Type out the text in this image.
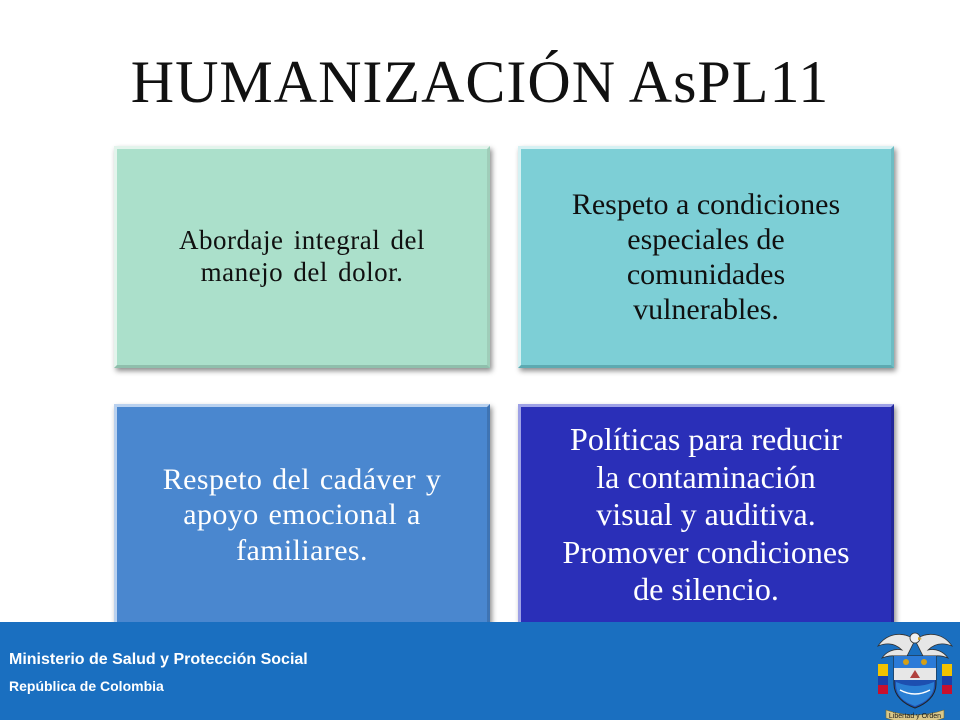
HUMANIZACIÓN AsPL11
Abordaje integral del
manejo del dolor.
Respeto a condiciones
especiales de
comunidades
vulnerables.
Respeto del cadáver y
apoyo emocional a
familiares.
Políticas para reducir
la contaminación
visual y auditiva.
Promover condiciones
de silencio.
Ministerio de Salud y Protección Social
República de Colombia
Libertad y Orden
